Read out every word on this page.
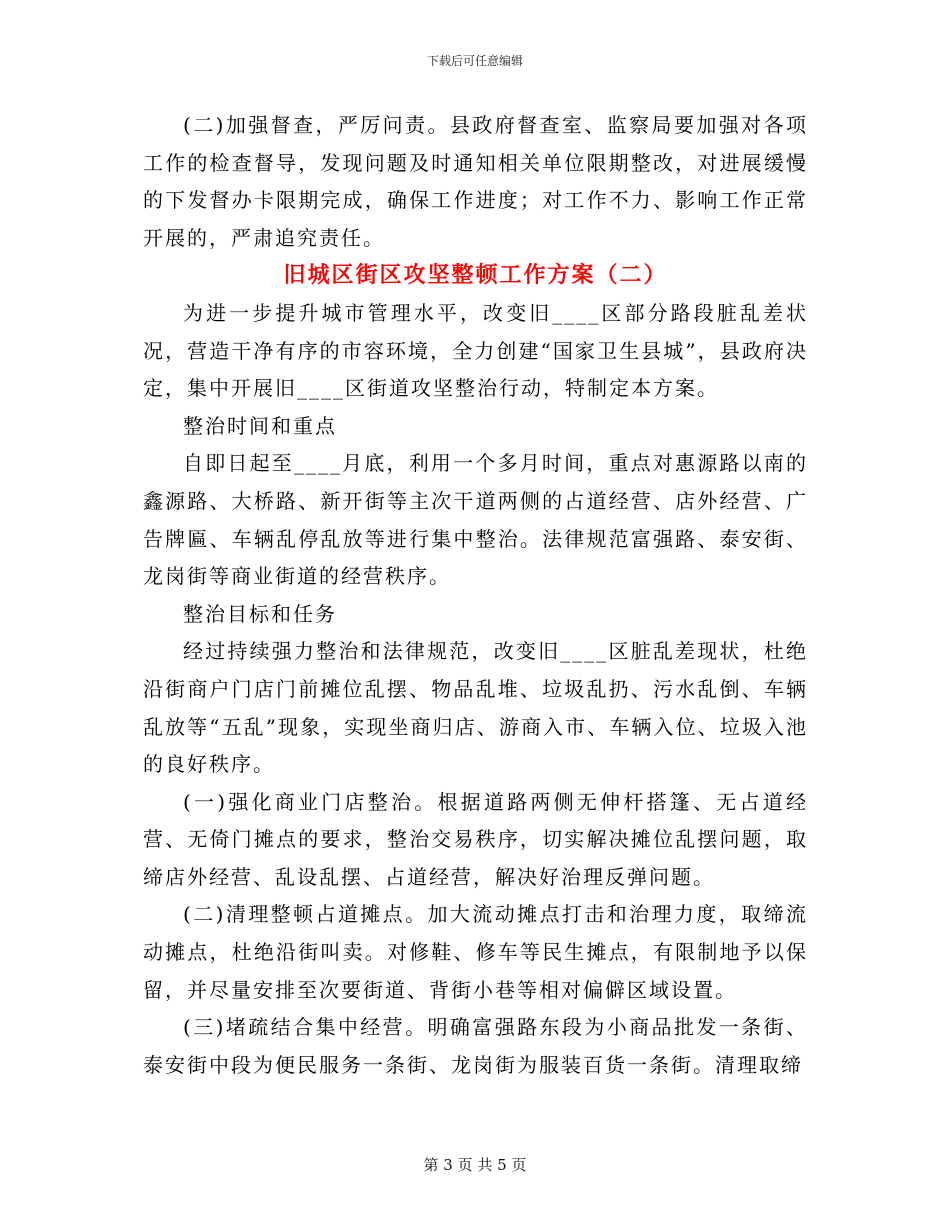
下载后可任意编辑

(二)加强督查，严厉问责。县政府督查室、监察局要加强对各项工作的检查督导，发现问题及时通知相关单位限期整改，对进展缓慢的下发督办卡限期完成，确保工作进度；对工作不力、影响工作正常开展的，严肃追究责任。

旧城区街区攻坚整顿工作方案（二）

为进一步提升城市管理水平，改变旧____区部分路段脏乱差状况，营造干净有序的市容环境，全力创建“国家卫生县城”，县政府决定，集中开展旧____区街道攻坚整治行动，特制定本方案。

整治时间和重点

自即日起至____月底，利用一个多月时间，重点对惠源路以南的鑫源路、大桥路、新开街等主次干道两侧的占道经营、店外经营、广告牌匾、车辆乱停乱放等进行集中整治。法律规范富强路、泰安街、龙岗街等商业街道的经营秩序。

整治目标和任务

经过持续强力整治和法律规范，改变旧____区脏乱差现状，杜绝沿街商户门店门前摊位乱摆、物品乱堆、垃圾乱扔、污水乱倒、车辆乱放等“五乱”现象，实现坐商归店、游商入市、车辆入位、垃圾入池的良好秩序。

(一)强化商业门店整治。根据道路两侧无伸杆搭篷、无占道经营、无倚门摊点的要求，整治交易秩序，切实解决摊位乱摆问题，取缔店外经营、乱设乱摆、占道经营，解决好治理反弹问题。

(二)清理整顿占道摊点。加大流动摊点打击和治理力度，取缔流动摊点，杜绝沿街叫卖。对修鞋、修车等民生摊点，有限制地予以保留，并尽量安排至次要街道、背街小巷等相对偏僻区域设置。

(三)堵疏结合集中经营。明确富强路东段为小商品批发一条街、泰安街中段为便民服务一条街、龙岗街为服装百货一条街。清理取缔

第 3 页 共 5 页
